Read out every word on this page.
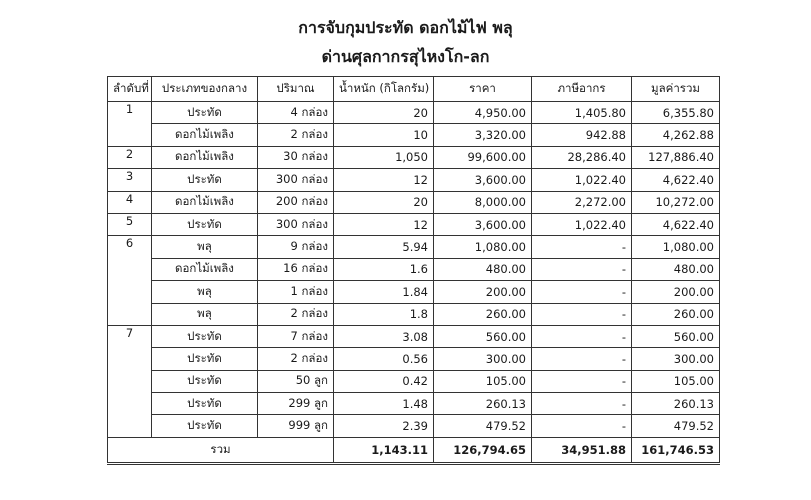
การจับกุมประทัด ดอกไม้ไฟ พลุ
ด่านศุลกากรสุไหงโก-ลก
ลำดับที่	ประเภทของกลาง	ปริมาณ	น้ำหนัก (กิโลกรัม)	ราคา	ภาษีอากร	มูลค่ารวม
1	ประทัด	4 กล่อง	20	4,950.00	1,405.80	6,355.80
	ดอกไม้เพลิง	2 กล่อง	10	3,320.00	942.88	4,262.88
2	ดอกไม้เพลิง	30 กล่อง	1,050	99,600.00	28,286.40	127,886.40
3	ประทัด	300 กล่อง	12	3,600.00	1,022.40	4,622.40
4	ดอกไม้เพลิง	200 กล่อง	20	8,000.00	2,272.00	10,272.00
5	ประทัด	300 กล่อง	12	3,600.00	1,022.40	4,622.40
6	พลุ	9 กล่อง	5.94	1,080.00	-	1,080.00
	ดอกไม้เพลิง	16 กล่อง	1.6	480.00	-	480.00
	พลุ	1 กล่อง	1.84	200.00	-	200.00
	พลุ	2 กล่อง	1.8	260.00	-	260.00
7	ประทัด	7 กล่อง	3.08	560.00	-	560.00
	ประทัด	2 กล่อง	0.56	300.00	-	300.00
	ประทัด	50 ลูก	0.42	105.00	-	105.00
	ประทัด	299 ลูก	1.48	260.13	-	260.13
	ประทัด	999 ลูก	2.39	479.52	-	479.52
รวม			1,143.11	126,794.65	34,951.88	161,746.53
